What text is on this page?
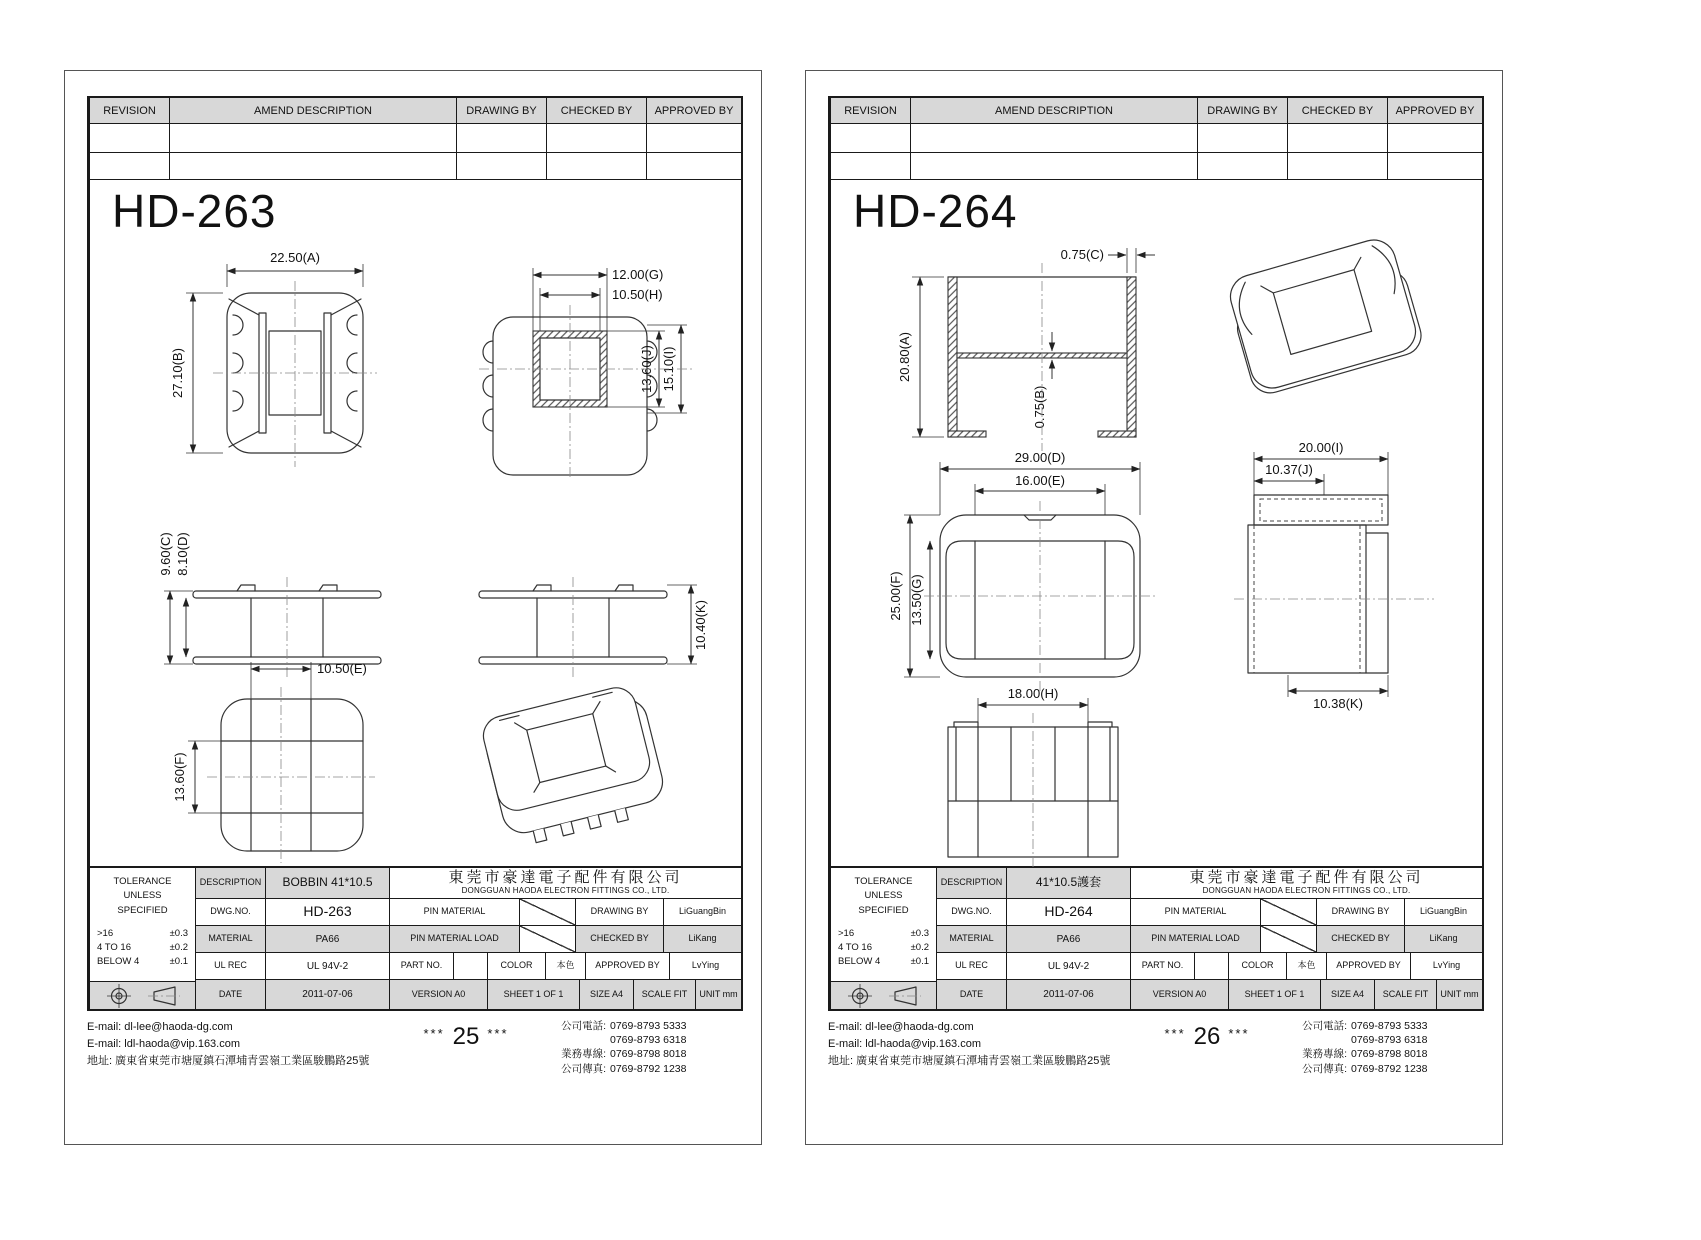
REVISION	AMEND DESCRIPTION	DRAWING BY	CHECKED BY	APPROVED BY
HD-263
TOLERANCE UNLESS SPECIFIED
>16	±0.3
4 TO 16	±0.2
BELOW 4	±0.1
DESCRIPTION	BOBBIN 41*10.5	東莞市豪達電子配件有限公司
DONGGUAN HAODA ELECTRON FITTINGS CO., LTD.
DWG.NO.	HD-263	PIN MATERIAL	DRAWING BY	LiGuangBin
MATERIAL	PA66	PIN MATERIAL LOAD	CHECKED BY	LiKang
UL REC	UL 94V-2	PART NO.	COLOR	本色	APPROVED BY	LvYing
DATE	2011-07-06	VERSION A0	SHEET 1 OF 1	SIZE A4	SCALE FIT	UNIT mm
22.50(A)
27.10(B)
12.00(G)
10.50(H)
13.60(J) 15.10(I)
9.60(C) 8.10(D)
10.40(K)
10.50(E)
13.60(F)
E-mail: dl-lee@haoda-dg.com
E-mail: ldl-haoda@vip.163.com
地址: 廣東省東莞市塘厦鎮石潭埔青雲嶺工業區駿鵬路25號
*** 25 ***	公司電話: 0769-8793 5333
0769-8793 6318
業務專線: 0769-8798 8018
公司傳真: 0769-8792 1238
REVISION	AMEND DESCRIPTION	DRAWING BY	CHECKED BY	APPROVED BY
HD-264
TOLERANCE UNLESS SPECIFIED
>16	±0.3
4 TO 16	±0.2
BELOW 4	±0.1
DESCRIPTION	41*10.5護套	東莞市豪達電子配件有限公司
DONGGUAN HAODA ELECTRON FITTINGS CO., LTD.
DWG.NO.	HD-264	PIN MATERIAL	DRAWING BY	LiGuangBin
MATERIAL	PA66	PIN MATERIAL LOAD	CHECKED BY	LiKang
UL REC	UL 94V-2	PART NO.	COLOR	本色	APPROVED BY	LvYing
DATE	2011-07-06	VERSION A0	SHEET 1 OF 1	SIZE A4	SCALE FIT	UNIT mm
20.80(A)
0.75(C)
0.75(B)
29.00(D)
16.00(E)
25.00(F) 13.50(G)
20.00(I)
10.37(J)
10.38(K)
18.00(H)
E-mail: dl-lee@haoda-dg.com
E-mail: ldl-haoda@vip.163.com
地址: 廣東省東莞市塘厦鎮石潭埔青雲嶺工業區駿鵬路25號
*** 26 ***	公司電話: 0769-8793 5333
0769-8793 6318
業務專線: 0769-8798 8018
公司傳真: 0769-8792 1238
